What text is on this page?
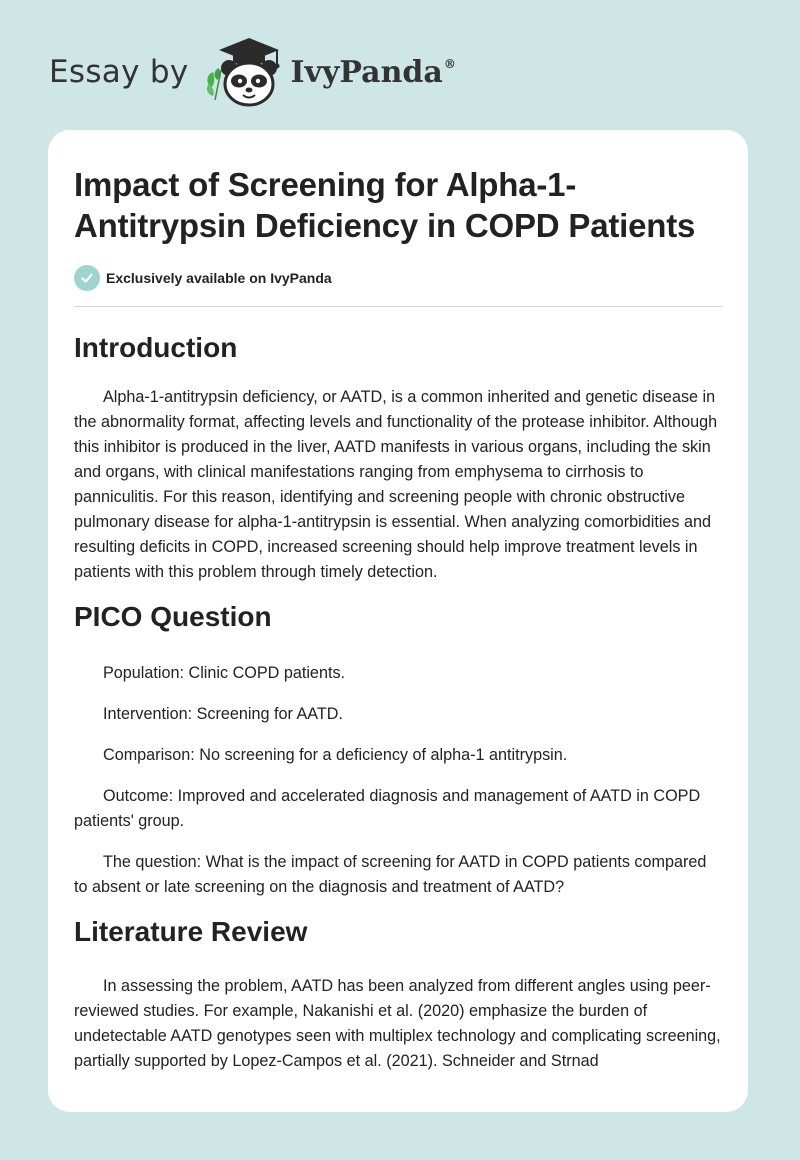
Essay by	IvyPanda®
Impact of Screening for Alpha-1-Antitrypsin Deficiency in COPD Patients
Exclusively available on IvyPanda
Introduction

Alpha-1-antitrypsin deficiency, or AATD, is a common inherited and genetic disease in the abnormality format, affecting levels and functionality of the protease inhibitor. Although this inhibitor is produced in the liver, AATD manifests in various organs, including the skin and organs, with clinical manifestations ranging from emphysema to cirrhosis to panniculitis. For this reason, identifying and screening people with chronic obstructive pulmonary disease for alpha-1-antitrypsin is essential. When analyzing comorbidities and resulting deficits in COPD, increased screening should help improve treatment levels in patients with this problem through timely detection.

PICO Question

Population: Clinic COPD patients.

Intervention: Screening for AATD.

Comparison: No screening for a deficiency of alpha-1 antitrypsin.

Outcome: Improved and accelerated diagnosis and management of AATD in COPD patients' group.

The question: What is the impact of screening for AATD in COPD patients compared to absent or late screening on the diagnosis and treatment of AATD?

Literature Review

In assessing the problem, AATD has been analyzed from different angles using peer-reviewed studies. For example, Nakanishi et al. (2020) emphasize the burden of undetectable AATD genotypes seen with multiplex technology and complicating screening, partially supported by Lopez-Campos et al. (2021). Schneider and Strnad
